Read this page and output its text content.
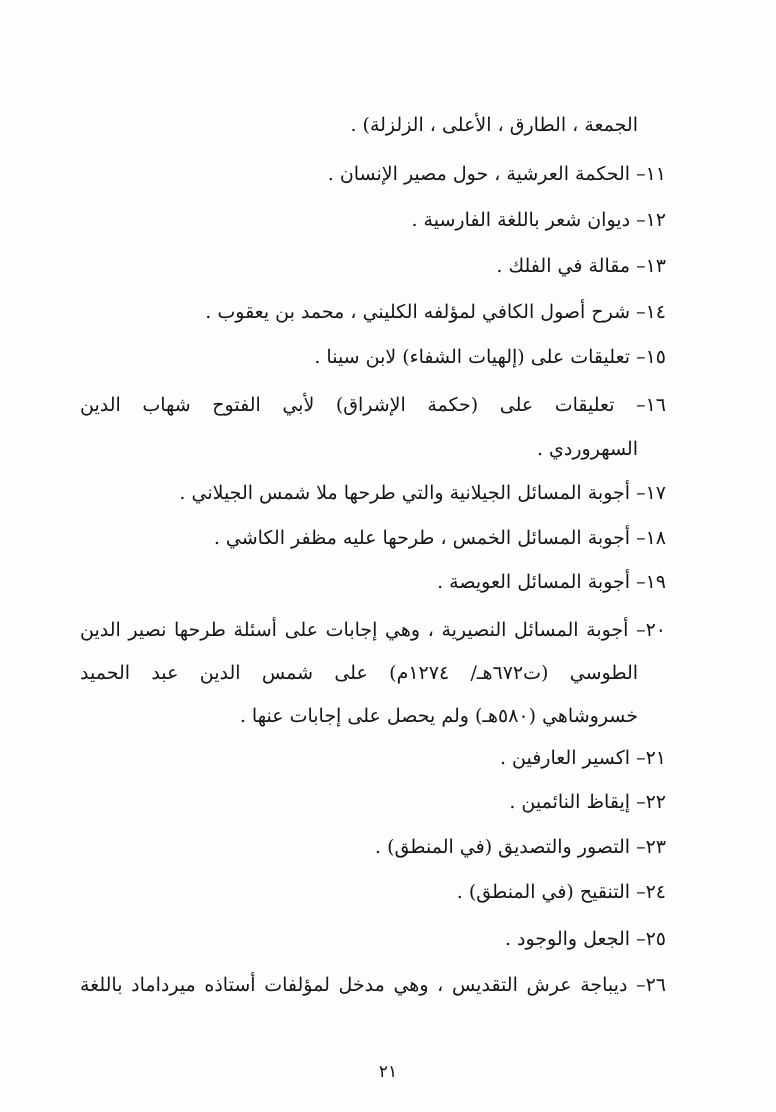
الجمعة ، الطارق ، الأعلى ، الزلزلة) .
١١– الحكمة العرشية ، حول مصير الإنسان .
١٢– ديوان شعر باللغة الفارسية .
١٣– مقالة في الفلك .
١٤– شرح أصول الكافي لمؤلفه الكليني ، محمد بن يعقوب .
١٥– تعليقات على (إلهيات الشفاء) لابن سينا .
١٦– تعليقات على (حكمة الإشراق) لأبي الفتوح شهاب الدين
السهروردي .
١٧– أجوبة المسائل الجيلانية والتي طرحها ملا شمس الجيلاني .
١٨– أجوبة المسائل الخمس ، طرحها عليه مظفر الكاشي .
١٩– أجوبة المسائل العويصة .
٢٠– أجوبة المسائل النصيرية ، وهي إجابات على أسئلة طرحها نصير الدين
الطوسي (ت٦٧٢هـ/ ١٢٧٤م) على شمس الدين عبد الحميد
خسروشاهي (٥٨٠هـ) ولم يحصل على إجابات عنها .
٢١– اكسير العارفين .
٢٢– إيقاظ النائمين .
٢٣– التصور والتصديق (في المنطق) .
٢٤– التنقيح (في المنطق) .
٢٥– الجعل والوجود .
٢٦– ديباجة عرش التقديس ، وهي مدخل لمؤلفات أستاذه ميرداماد باللغة
٢١
